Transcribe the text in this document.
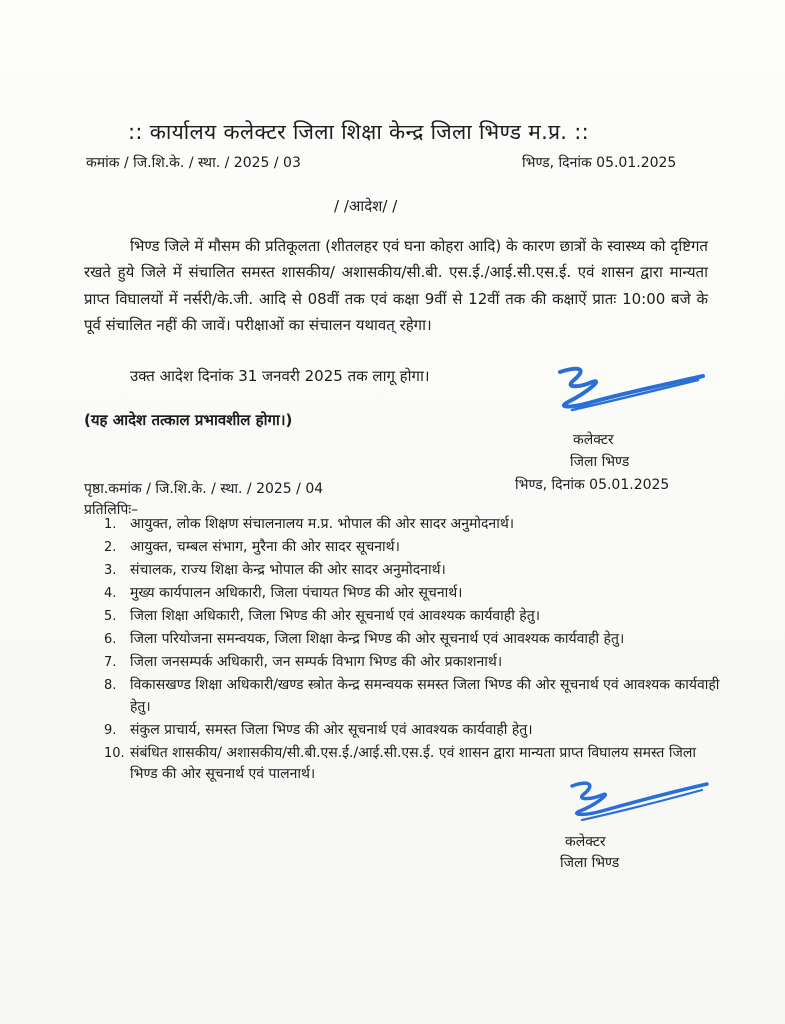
:: कार्यालय कलेक्टर जिला शिक्षा केन्द्र जिला भिण्ड म.प्र. ::
कमांक / जि.शि.के. / स्था. / 2025 / 03	भिण्ड, दिनांक 05.01.2025
/ /आदेश/ /
भिण्ड जिले में मौसम की प्रतिकूलता (शीतलहर एवं घना कोहरा आदि) के कारण छात्रों के स्वास्थ्य को दृष्टिगत रखते हुये जिले में संचालित समस्त शासकीय/ अशासकीय/सी.बी. एस.ई./आई.सी.एस.ई. एवं शासन द्वारा मान्यता प्राप्त विघालयों में नर्सरी/के.जी. आदि से 08वीं तक एवं कक्षा 9वीं से 12वीं तक की कक्षाऐं प्रातः 10:00 बजे के पूर्व संचालित नहीं की जावें। परीक्षाओं का संचालन यथावत् रहेगा।
उक्त आदेश दिनांक 31 जनवरी 2025 तक लागू होगा।
(यह आदेश तत्काल प्रभावशील होगा।)
कलेक्टर
जिला भिण्ड
पृष्ठा.कमांक / जि.शि.के. / स्था. / 2025 / 04	भिण्ड, दिनांक 05.01.2025
प्रतिलिपिः–
1. आयुक्त, लोक शिक्षण संचालनालय म.प्र. भोपाल की ओर सादर अनुमोदनार्थ।
2. आयुक्त, चम्बल संभाग, मुरैना की ओर सादर सूचनार्थ।
3. संचालक, राज्य शिक्षा केन्द्र भोपाल की ओर सादर अनुमोदनार्थ।
4. मुख्य कार्यपालन अधिकारी, जिला पंचायत भिण्ड की ओर सूचनार्थ।
5. जिला शिक्षा अधिकारी, जिला भिण्ड की ओर सूचनार्थ एवं आवश्यक कार्यवाही हेतु।
6. जिला परियोजना समन्वयक, जिला शिक्षा केन्द्र भिण्ड की ओर सूचनार्थ एवं आवश्यक कार्यवाही हेतु।
7. जिला जनसम्पर्क अधिकारी, जन सम्पर्क विभाग भिण्ड की ओर प्रकाशनार्थ।
8. विकासखण्ड शिक्षा अधिकारी/खण्ड स्त्रोत केन्द्र समन्वयक समस्त जिला भिण्ड की ओर सूचनार्थ एवं आवश्यक कार्यवाही हेतु।
9. संकुल प्राचार्य, समस्त जिला भिण्ड की ओर सूचनार्थ एवं आवश्यक कार्यवाही हेतु।
10. संबंधित शासकीय/ अशासकीय/सी.बी.एस.ई./आई.सी.एस.ई. एवं शासन द्वारा मान्यता प्राप्त विघालय समस्त जिला भिण्ड की ओर सूचनार्थ एवं पालनार्थ।
कलेक्टर
जिला भिण्ड
